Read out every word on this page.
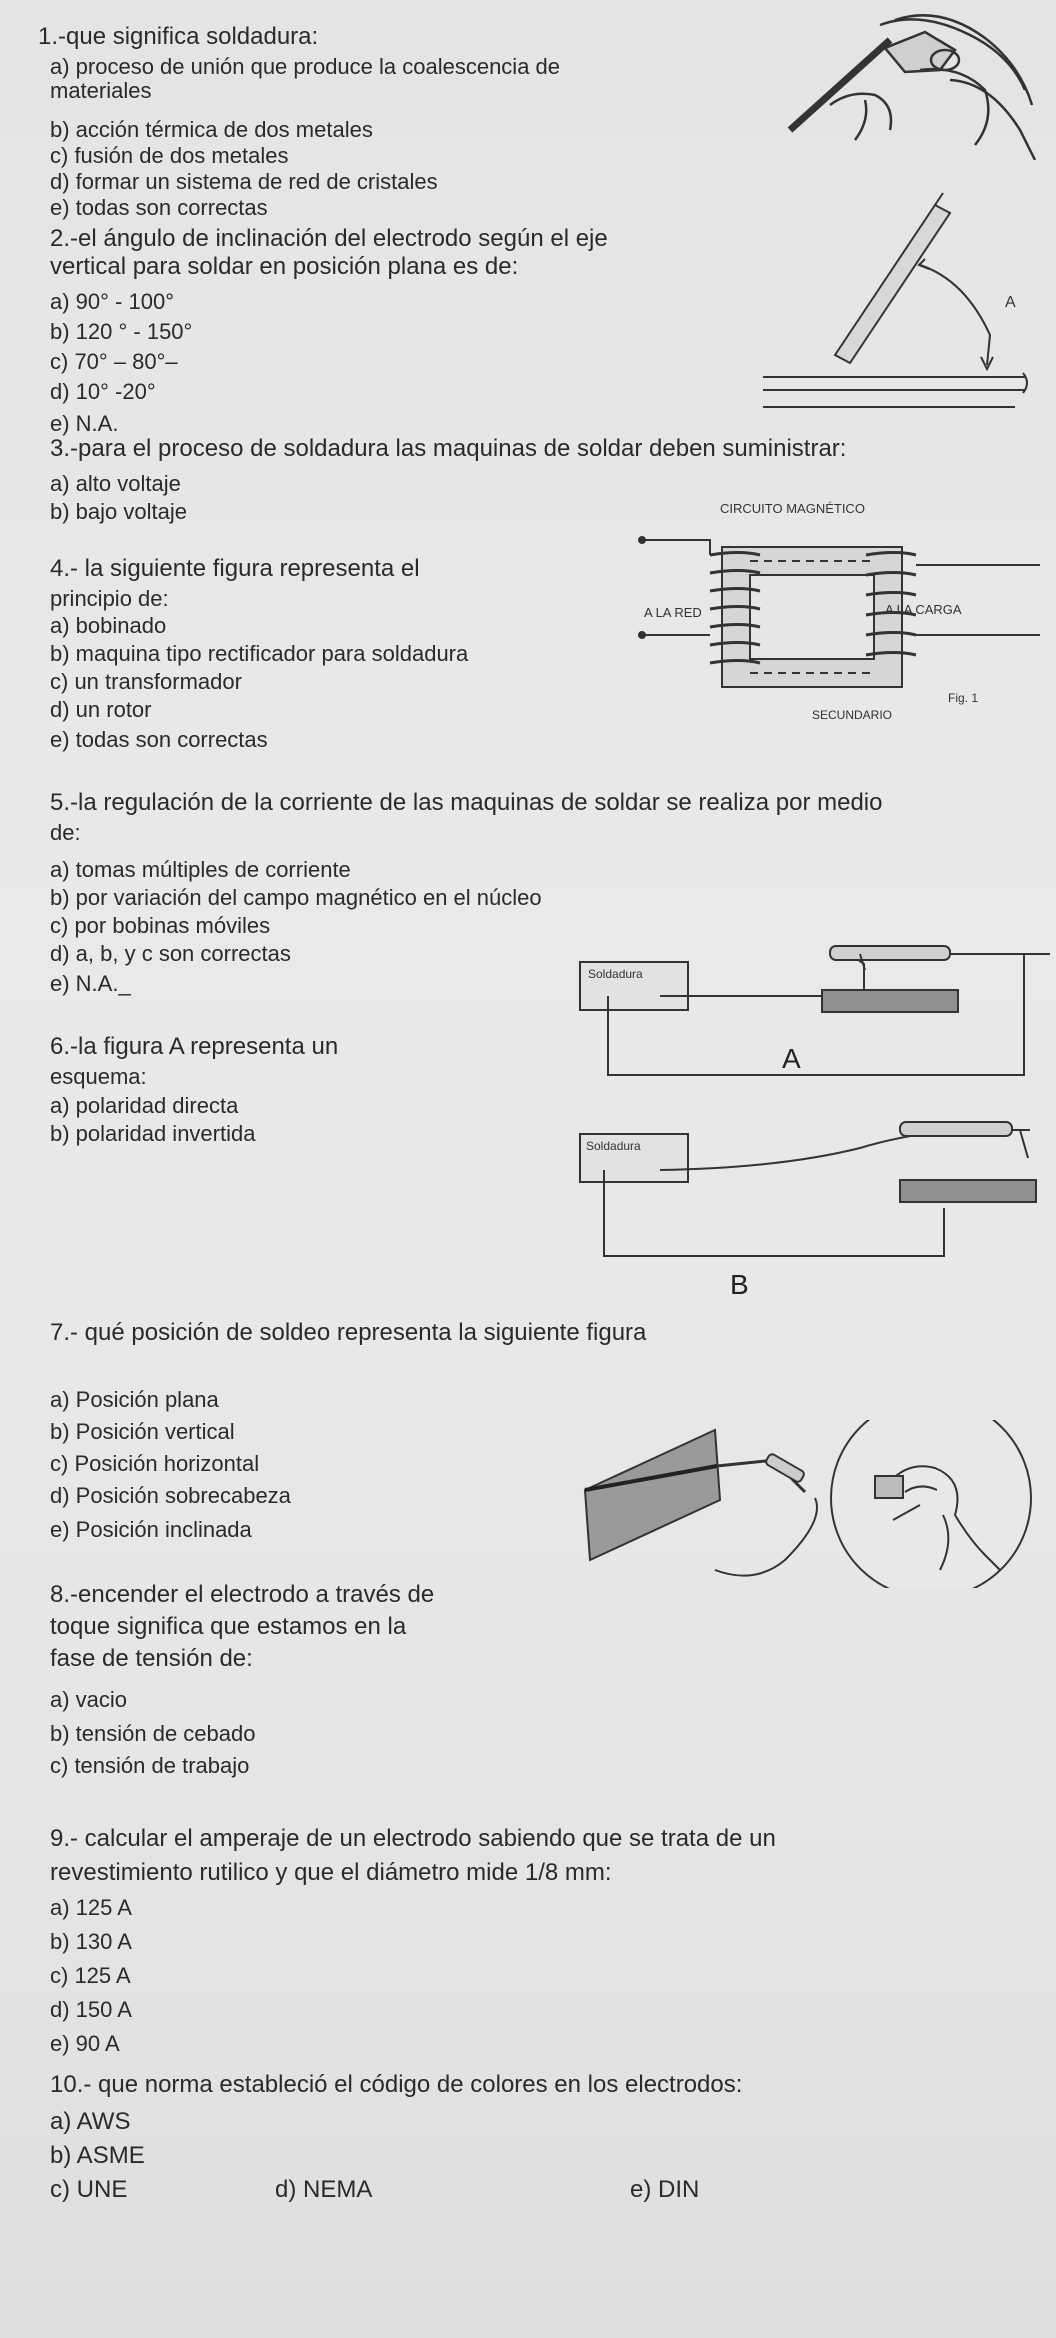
1.-que significa soldadura:
a) proceso de unión que produce la coalescencia de
materiales
b) acción térmica de dos metales
c) fusión de dos metales
d) formar un sistema de red de cristales
e) todas son correctas
2.-el ángulo de inclinación del electrodo según el eje
vertical para soldar en posición plana es de:
a) 90° - 100°
b) 120 ° - 150°
c) 70° – 80°–
d) 10° -20°
e) N.A.
A
3.-para el proceso de soldadura las maquinas de soldar deben suministrar:
a) alto voltaje
b) bajo voltaje
4.- la siguiente figura representa el
principio de:
a) bobinado
b) maquina tipo rectificador para soldadura
c) un transformador
d) un rotor
e) todas son correctas
CIRCUITO MAGNÉTICO
A LA RED	A LA CARGA
SECUNDARIO
Fig. 1
5.-la regulación de la corriente de las maquinas de soldar se realiza por medio
de:
a) tomas múltiples de corriente
b) por variación del campo magnético en el núcleo
c) por bobinas móviles
d) a, b, y c son correctas
e) N.A._
6.-la figura A representa un
esquema:
a) polaridad directa
b) polaridad invertida
Soldadura
A
Soldadura
B
7.- qué posición de soldeo representa la siguiente figura
a) Posición plana
b) Posición vertical
c) Posición horizontal
d) Posición sobrecabeza
e) Posición inclinada
8.-encender el electrodo a través de
toque significa que estamos en la
fase de tensión de:
a) vacio
b) tensión de cebado
c) tensión de trabajo
9.- calcular el amperaje de un electrodo sabiendo que se trata de un
revestimiento rutilico y que el diámetro mide 1/8 mm:
a) 125 A
b) 130 A
c) 125 A
d) 150 A
e) 90 A
10.- que norma estableció el código de colores en los electrodos:
a) AWS
b) ASME
c) UNE	d) NEMA	e) DIN
